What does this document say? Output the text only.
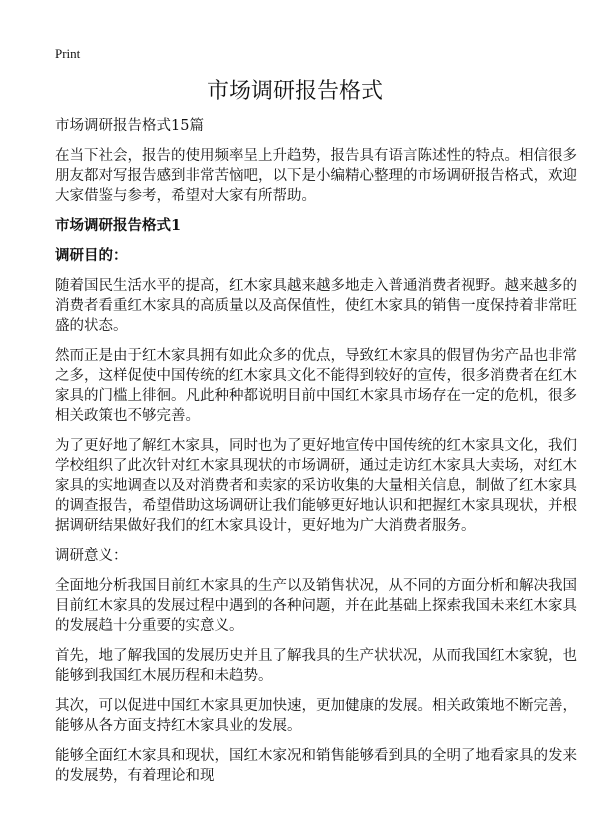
Print
市场调研报告格式
市场调研报告格式15篇
在当下社会，报告的使用频率呈上升趋势，报告具有语言陈述性的特点。相信很多
朋友都对写报告感到非常苦恼吧，以下是小编精心整理的市场调研报告格式，欢迎
大家借鉴与参考，希望对大家有所帮助。
市场调研报告格式1
调研目的：
随着国民生活水平的提高，红木家具越来越多地走入普通消费者视野。越来越多的
消费者看重红木家具的高质量以及高保值性，使红木家具的销售一度保持着非常旺
盛的状态。
然而正是由于红木家具拥有如此众多的优点，导致红木家具的假冒伪劣产品也非常
之多，这样促使中国传统的红木家具文化不能得到较好的宣传，很多消费者在红木
家具的门槛上徘徊。凡此种种都说明目前中国红木家具市场存在一定的危机，很多
相关政策也不够完善。
为了更好地了解红木家具，同时也为了更好地宣传中国传统的红木家具文化，我们
学校组织了此次针对红木家具现状的市场调研，通过走访红木家具大卖场，对红木
家具的实地调查以及对消费者和卖家的采访收集的大量相关信息，制做了红木家具
的调查报告，希望借助这场调研让我们能够更好地认识和把握红木家具现状，并根
据调研结果做好我们的红木家具设计，更好地为广大消费者服务。
调研意义：
全面地分析我国目前红木家具的生产以及销售状况，从不同的方面分析和解决我国
目前红木家具的发展过程中遇到的各种问题，并在此基础上探索我国未来红木家具
的发展趋十分重要的实意义。
首先，地了解我国的发展历史并且了解我具的生产状状况，从而我国红木家貌，也
能够到我国红木展历程和未趋势。
其次，可以促进中国红木家具更加快速，更加健康的发展。相关政策地不断完善，
能够从各方面支持红木家具业的发展。
能够全面红木家具和现状，国红木家况和销售能够看到具的全明了地看家具的发来
的发展势，有着理论和现
